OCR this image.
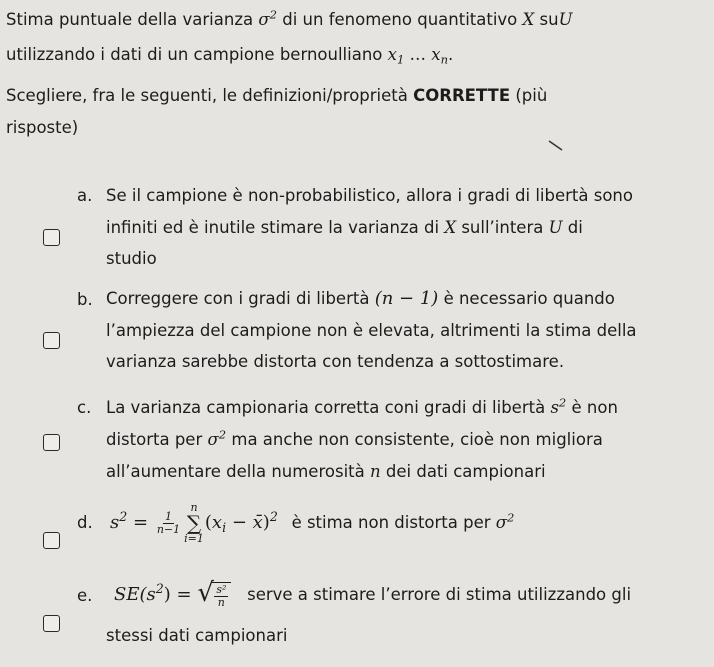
Stima puntuale della varianza $\sigma^2$ di un fenomeno quantitativo X suU
utilizzando i dati di un campione bernoulliano $x_1$ … $x_n$.
Scegliere, fra le seguenti, le definizioni/proprietà CORRETTE (più
risposte)
a. Se il campione è non-probabilistico, allora i gradi di libertà sono
infiniti ed è inutile stimare la varianza di X sull’intera U di
studio
b. Correggere con i gradi di libertà (n − 1) è necessario quando
l’ampiezza del campione non è elevata, altrimenti la stima della
varianza sarebbe distorta con tendenza a sottostimare.
c. La varianza campionaria corretta coni gradi di libertà $s^2$ è non
distorta per $\sigma^2$ ma anche non consistente, cioè non migliora
all’aumentare della numerosità n dei dati campionari
d. $s^2 = \frac{1}{n-1}$
n
∑
i=1
($x_i$ − x̄)$^2$ è stima non distorta per $\sigma^2$
e. $SE(s^2)$ = √ $\frac{\text{s²}}{n}$ serve a stimare l’errore di stima utilizzando gli
stessi dati campionari
